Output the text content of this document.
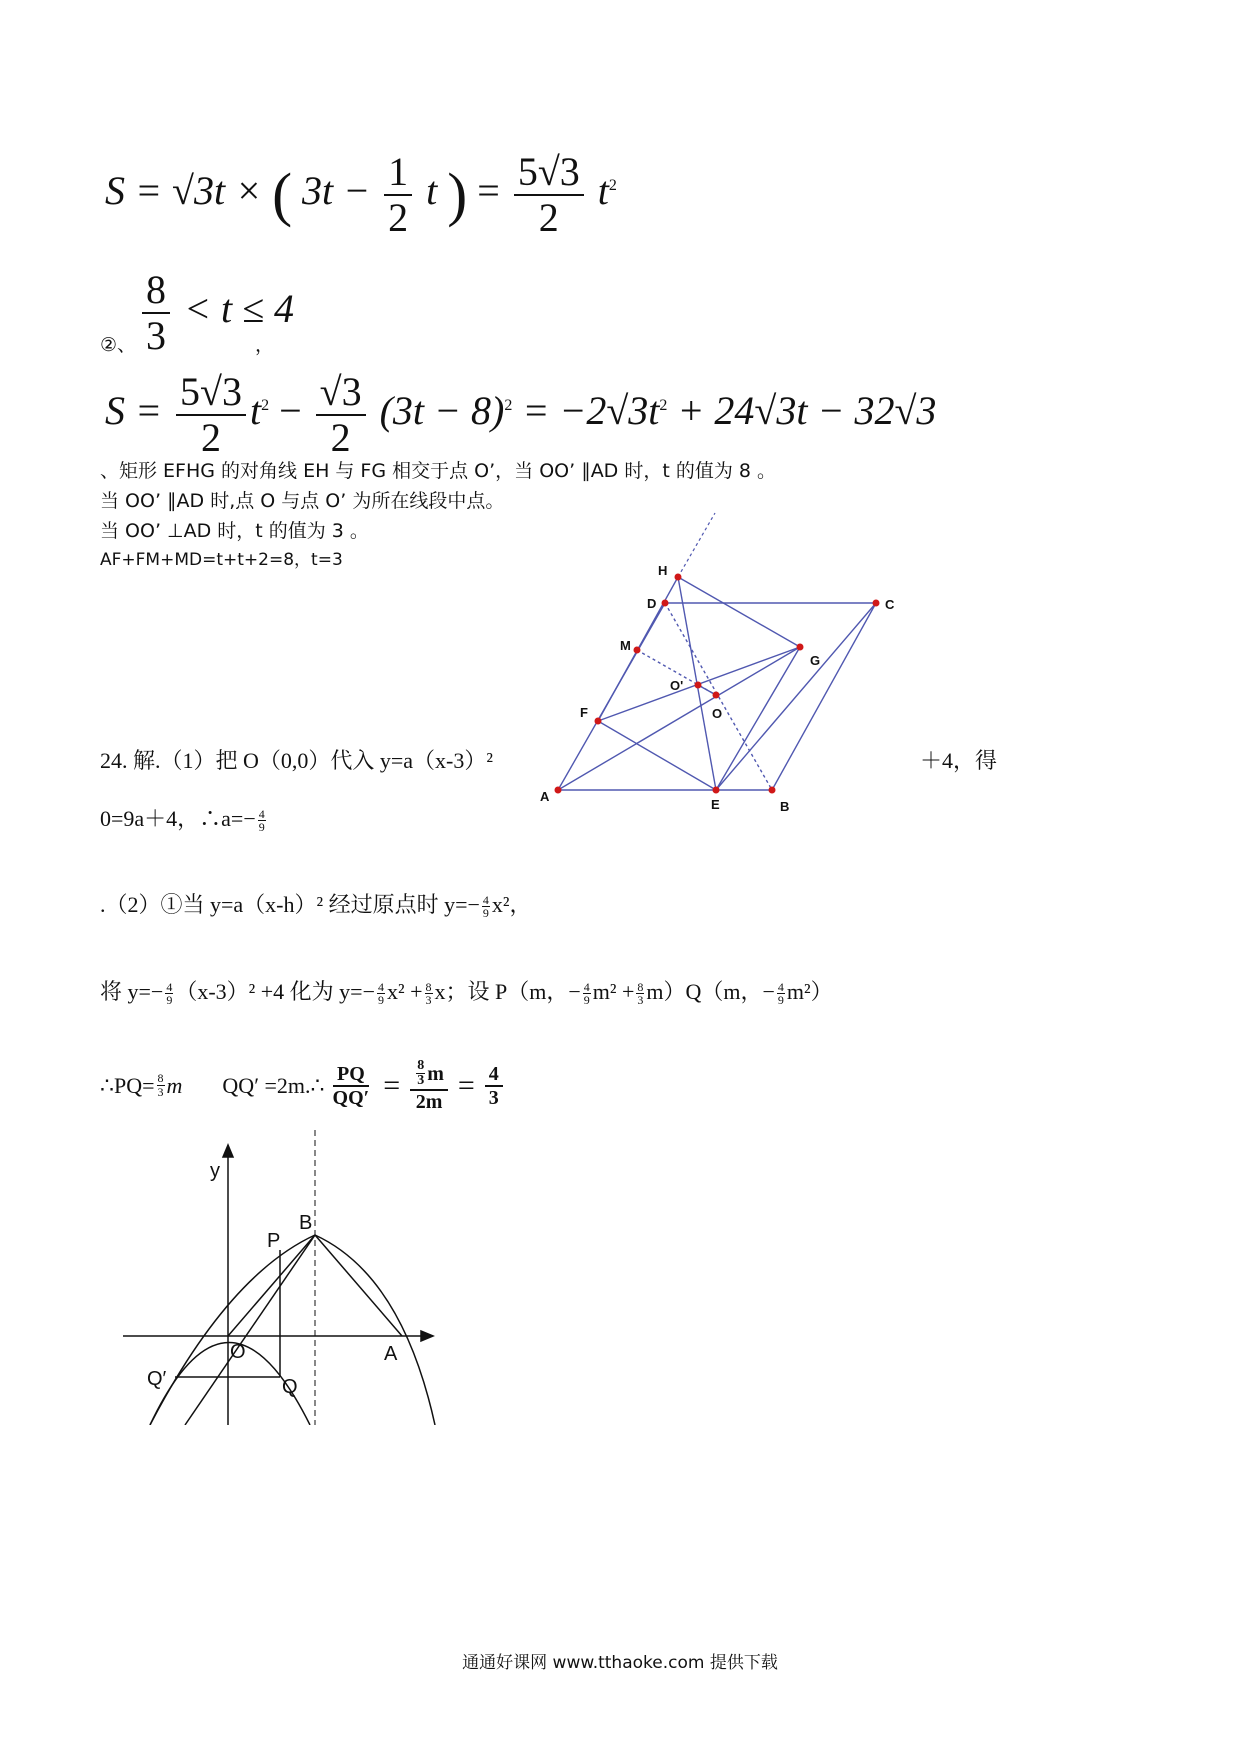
S = √3t × ( $3t - \frac{1}{2}$ t ) = $\frac{5√3}{2} t^2$
②、 $\frac{8}{3} < t \le 4$
，
$S = \frac{5√3}{2} t^2 - \frac{√3}{2} (3t - 8)^2 = -2√3t^2 + 24√3t - 32√3$
、矩形 EFHG 的对角线 EH 与 FG 相交于点 O’，当 OO’ ∥AD 时，t 的值为 8 。
当 OO’ ∥AD 时,点 O 与点 O’ 为所在线段中点。
当 OO’ ⊥AD 时，t 的值为 3 。
AF+FM+MD=t+t+2=8，t=3
H
D	C
M
G
O'
O
F
A
E	B
24. 解.（1）把 O（0,0）代入 y=a（x-3）²	＋4，得
0=9a＋4，∴a=− $\frac{4}{9}$
.（2）①当 y=a（x-h）² 经过原点时 $y=- \frac{4}{9} x^2$，
将 $y=- \frac{4}{9} (x-3)^2 +4$ 化为 $y=- \frac{4}{9} x^2 + \frac{8}{3}$ x；设 P（m，− $\frac{4}{9} m^2 + \frac{8}{3} m)Q(m$，− $\frac{4}{9} m^2$）
∴PQ= $\frac{8}{3}$ m QQ′ =2m.∴ $\frac{PQ}{QQ'} = \frac{\frac{8}{3} m}{2m} = \frac{4}{3}$
y
B
P
O	A
Q′	Q
通通好课网 www.tthaoke.com 提供下载
